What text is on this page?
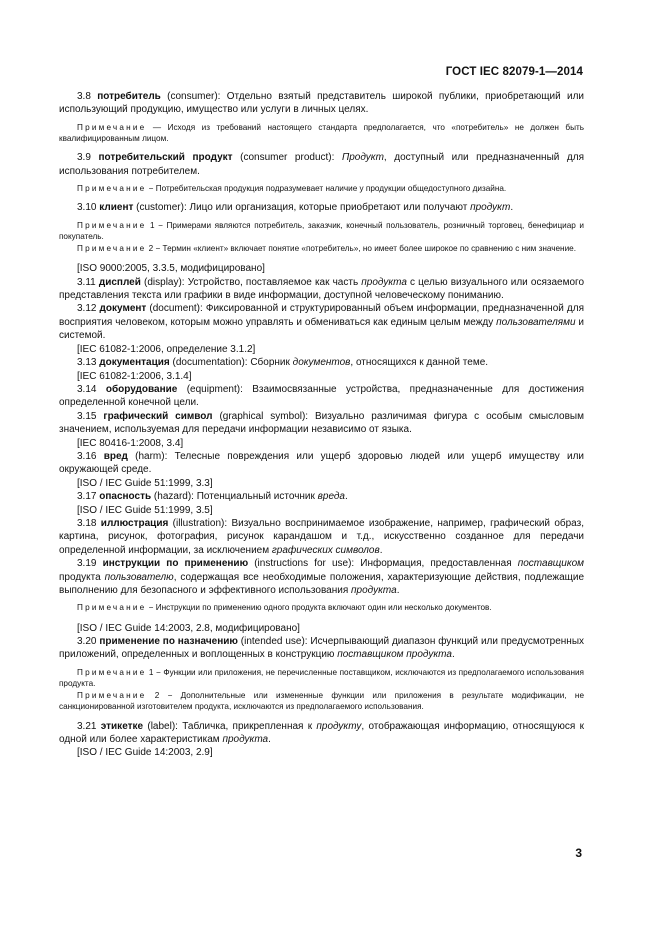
ГОСТ IEC 82079-1—2014

3.8 потребитель (consumer): Отдельно взятый представитель широкой публики, приобретающий или использующий продукцию, имущество или услуги в личных целях.

Примечание — Исходя из требований настоящего стандарта предполагается, что «потребитель» не должен быть квалифицированным лицом.

3.9 потребительский продукт (consumer product): Продукт, доступный или предназначенный для использования потребителем.

Примечание − Потребительская продукция подразумевает наличие у продукции общедоступного дизайна.

3.10 клиент (customer): Лицо или организация, которые приобретают или получают продукт.

Примечание 1 − Примерами являются потребитель, заказчик, конечный пользователь, розничный торговец, бенефициар и покупатель.

Примечание 2 − Термин «клиент» включает понятие «потребитель», но имеет более широкое по сравнению с ним значение.

[ISO 9000:2005, 3.3.5, модифицировано]

3.11 дисплей (display): Устройство, поставляемое как часть продукта с целью визуального или осязаемого представления текста или графики в виде информации, доступной человеческому пониманию.

3.12 документ (document): Фиксированной и структурированный объем информации, предназначенной для восприятия человеком, которым можно управлять и обмениваться как единым целым между пользователями и системой.

[IEC 61082-1:2006, определение 3.1.2]

3.13 документация (documentation): Сборник документов, относящихся к данной теме.

[IEC 61082-1:2006, 3.1.4]

3.14 оборудование (equipment): Взаимосвязанные устройства, предназначенные для достижения определенной конечной цели.

3.15 графический символ (graphical symbol): Визуально различимая фигура с особым смысловым значением, используемая для передачи информации независимо от языка.

[IEC 80416-1:2008, 3.4]

3.16 вред (harm): Телесные повреждения или ущерб здоровью людей или ущерб имуществу или окружающей среде.

[ISO / IEC Guide 51:1999, 3.3]

3.17 опасность (hazard): Потенциальный источник вреда.

[ISO / IEC Guide 51:1999, 3.5]

3.18 иллюстрация (illustration): Визуально воспринимаемое изображение, например, графический образ, картина, рисунок, фотография, рисунок карандашом и т.д., искусственно созданное для передачи определенной информации, за исключением графических символов.

3.19 инструкции по применению (instructions for use): Информация, предоставленная поставщиком продукта пользователю, содержащая все необходимые положения, характеризующие действия, подлежащие выполнению для безопасного и эффективного использования продукта.

Примечание − Инструкции по применению одного продукта включают один или несколько документов.

[ISO / IEC Guide 14:2003, 2.8, модифицировано]

3.20 применение по назначению (intended use): Исчерпывающий диапазон функций или предусмотренных приложений, определенных и воплощенных в конструкцию поставщиком продукта.

Примечание 1 − Функции или приложения, не перечисленные поставщиком, исключаются из предполагаемого использования продукта.

Примечание 2 − Дополнительные или измененные функции или приложения в результате модификации, не санкционированной изготовителем продукта, исключаются из предполагаемого использования.

3.21 этикетке (label): Табличка, прикрепленная к продукту, отображающая информацию, относящуюся к одной или более характеристикам продукта.

[ISO / IEC Guide 14:2003, 2.9]

3
